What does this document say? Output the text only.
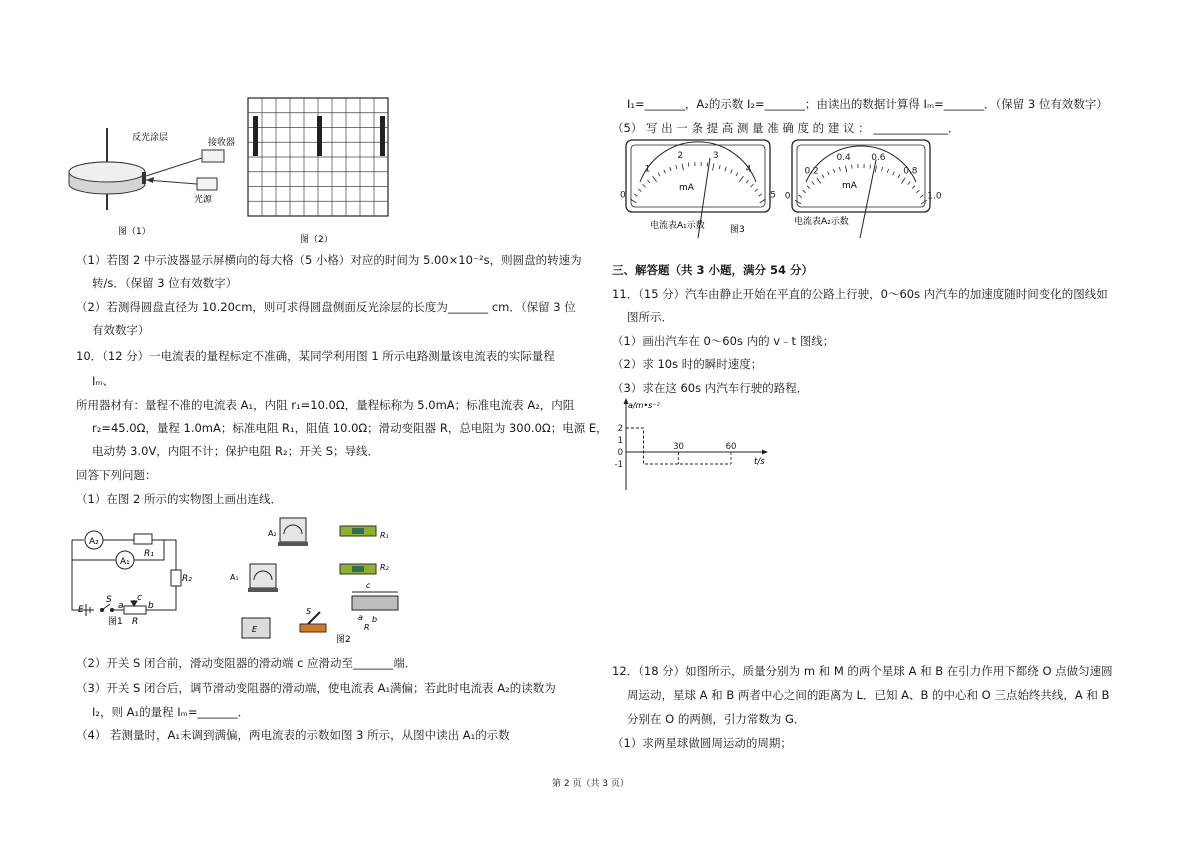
反光涂层	接收器
光源
图（1）
图（2）
（1）若图 2 中示波器显示屏横向的每大格（5 小格）对应的时间为 5.00×10⁻²s，则圆盘的转速为
转/s．（保留 3 位有效数字）
（2）若测得圆盘直径为 10.20cm，则可求得圆盘侧面反光涂层的长度为_______ cm．（保留 3 位
有效数字）
10．（12 分）一电流表的量程标定不准确，某同学利用图 1 所示电路测量该电流表的实际量程
Iₘ、
所用器材有：量程不准的电流表 A₁，内阻 r₁=10.0Ω，量程标称为 5.0mA；标准电流表 A₂，内阻
r₂=45.0Ω，量程 1.0mA；标准电阻 R₁，阻值 10.0Ω；滑动变阻器 R，总电阻为 300.0Ω；电源 E，
电动势 3.0V，内阻不计；保护电阻 R₂；开关 S；导线．
回答下列问题：
（1）在图 2 所示的实物图上画出连线．
A₂
A₁
R₁
R₂
E
S	c
a	b
R
图1
A₂
A₁
R₁
R₂
c
a b
R
E
S
图2
（2）开关 S 闭合前，滑动变阻器的滑动端 c 应滑动至_______端．
（3）开关 S 闭合后，调节滑动变阻器的滑动端，使电流表 A₁满偏；若此时电流表 A₂的读数为
I₂，则 A₁的量程 Iₘ=_______．
（4） 若测量时，A₁未调到满偏，两电流表的示数如图 3 所示，从图中读出 A₁的示数
I₁=_______，A₂的示数 I₂=_______；由读出的数据计算得 Iₘ=_______．（保留 3 位有效数字）
（5） 写 出 一 条 提 高 测 量 准 确 度 的 建 议 ： _____________．
0
1
2	3
4
5
mA
电流表A₁示数	图3
0
0.2
0.4 0.6
0.8
1.0
mA
电流表A₂示数
三、解答题（共 3 小题，满分 54 分）
11．（15 分）汽车由静止开始在平直的公路上行驶，0～60s 内汽车的加速度随时间变化的图线如
图所示．
（1）画出汽车在 0～60s 内的 v﹣t 图线；
（2）求 10s 时的瞬时速度；
（3）求在这 60s 内汽车行驶的路程．
2
1
0
-1
30	60
a/m•s⁻²
t/s
12．（18 分）如图所示，质量分别为 m 和 M 的两个星球 A 和 B 在引力作用下都绕 O 点做匀速圆
周运动，星球 A 和 B 两者中心之间的距离为 L．已知 A、B 的中心和 O 三点始终共线，A 和 B
分别在 O 的两侧，引力常数为 G．
（1）求两星球做圆周运动的周期；
第 2 页（共 3 页）
